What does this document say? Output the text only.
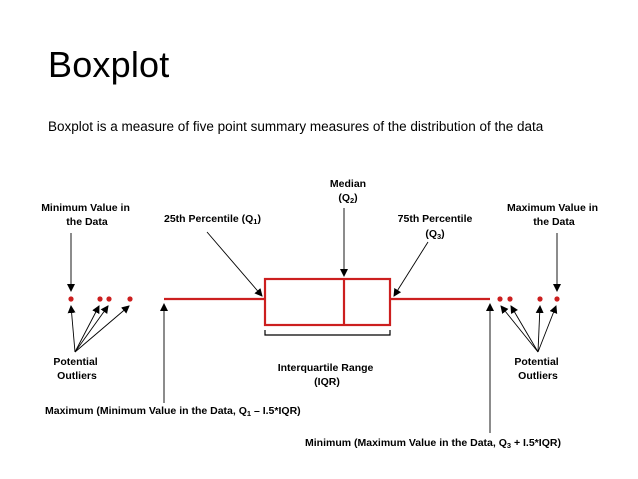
Boxplot
Boxplot is a measure of five point summary measures of the distribution of the data
Minimum Value in the Data
Maximum Value in the Data
Median
(Q2)
25th Percentile (Q1)	75th Percentile
(Q3)
Potential Outliers
Potential Outliers
Interquartile Range (IQR)
Maximum (Minimum Value in the Data, Q1 – I.5*IQR)
Minimum (Maximum Value in the Data, Q3 + I.5*IQR)
